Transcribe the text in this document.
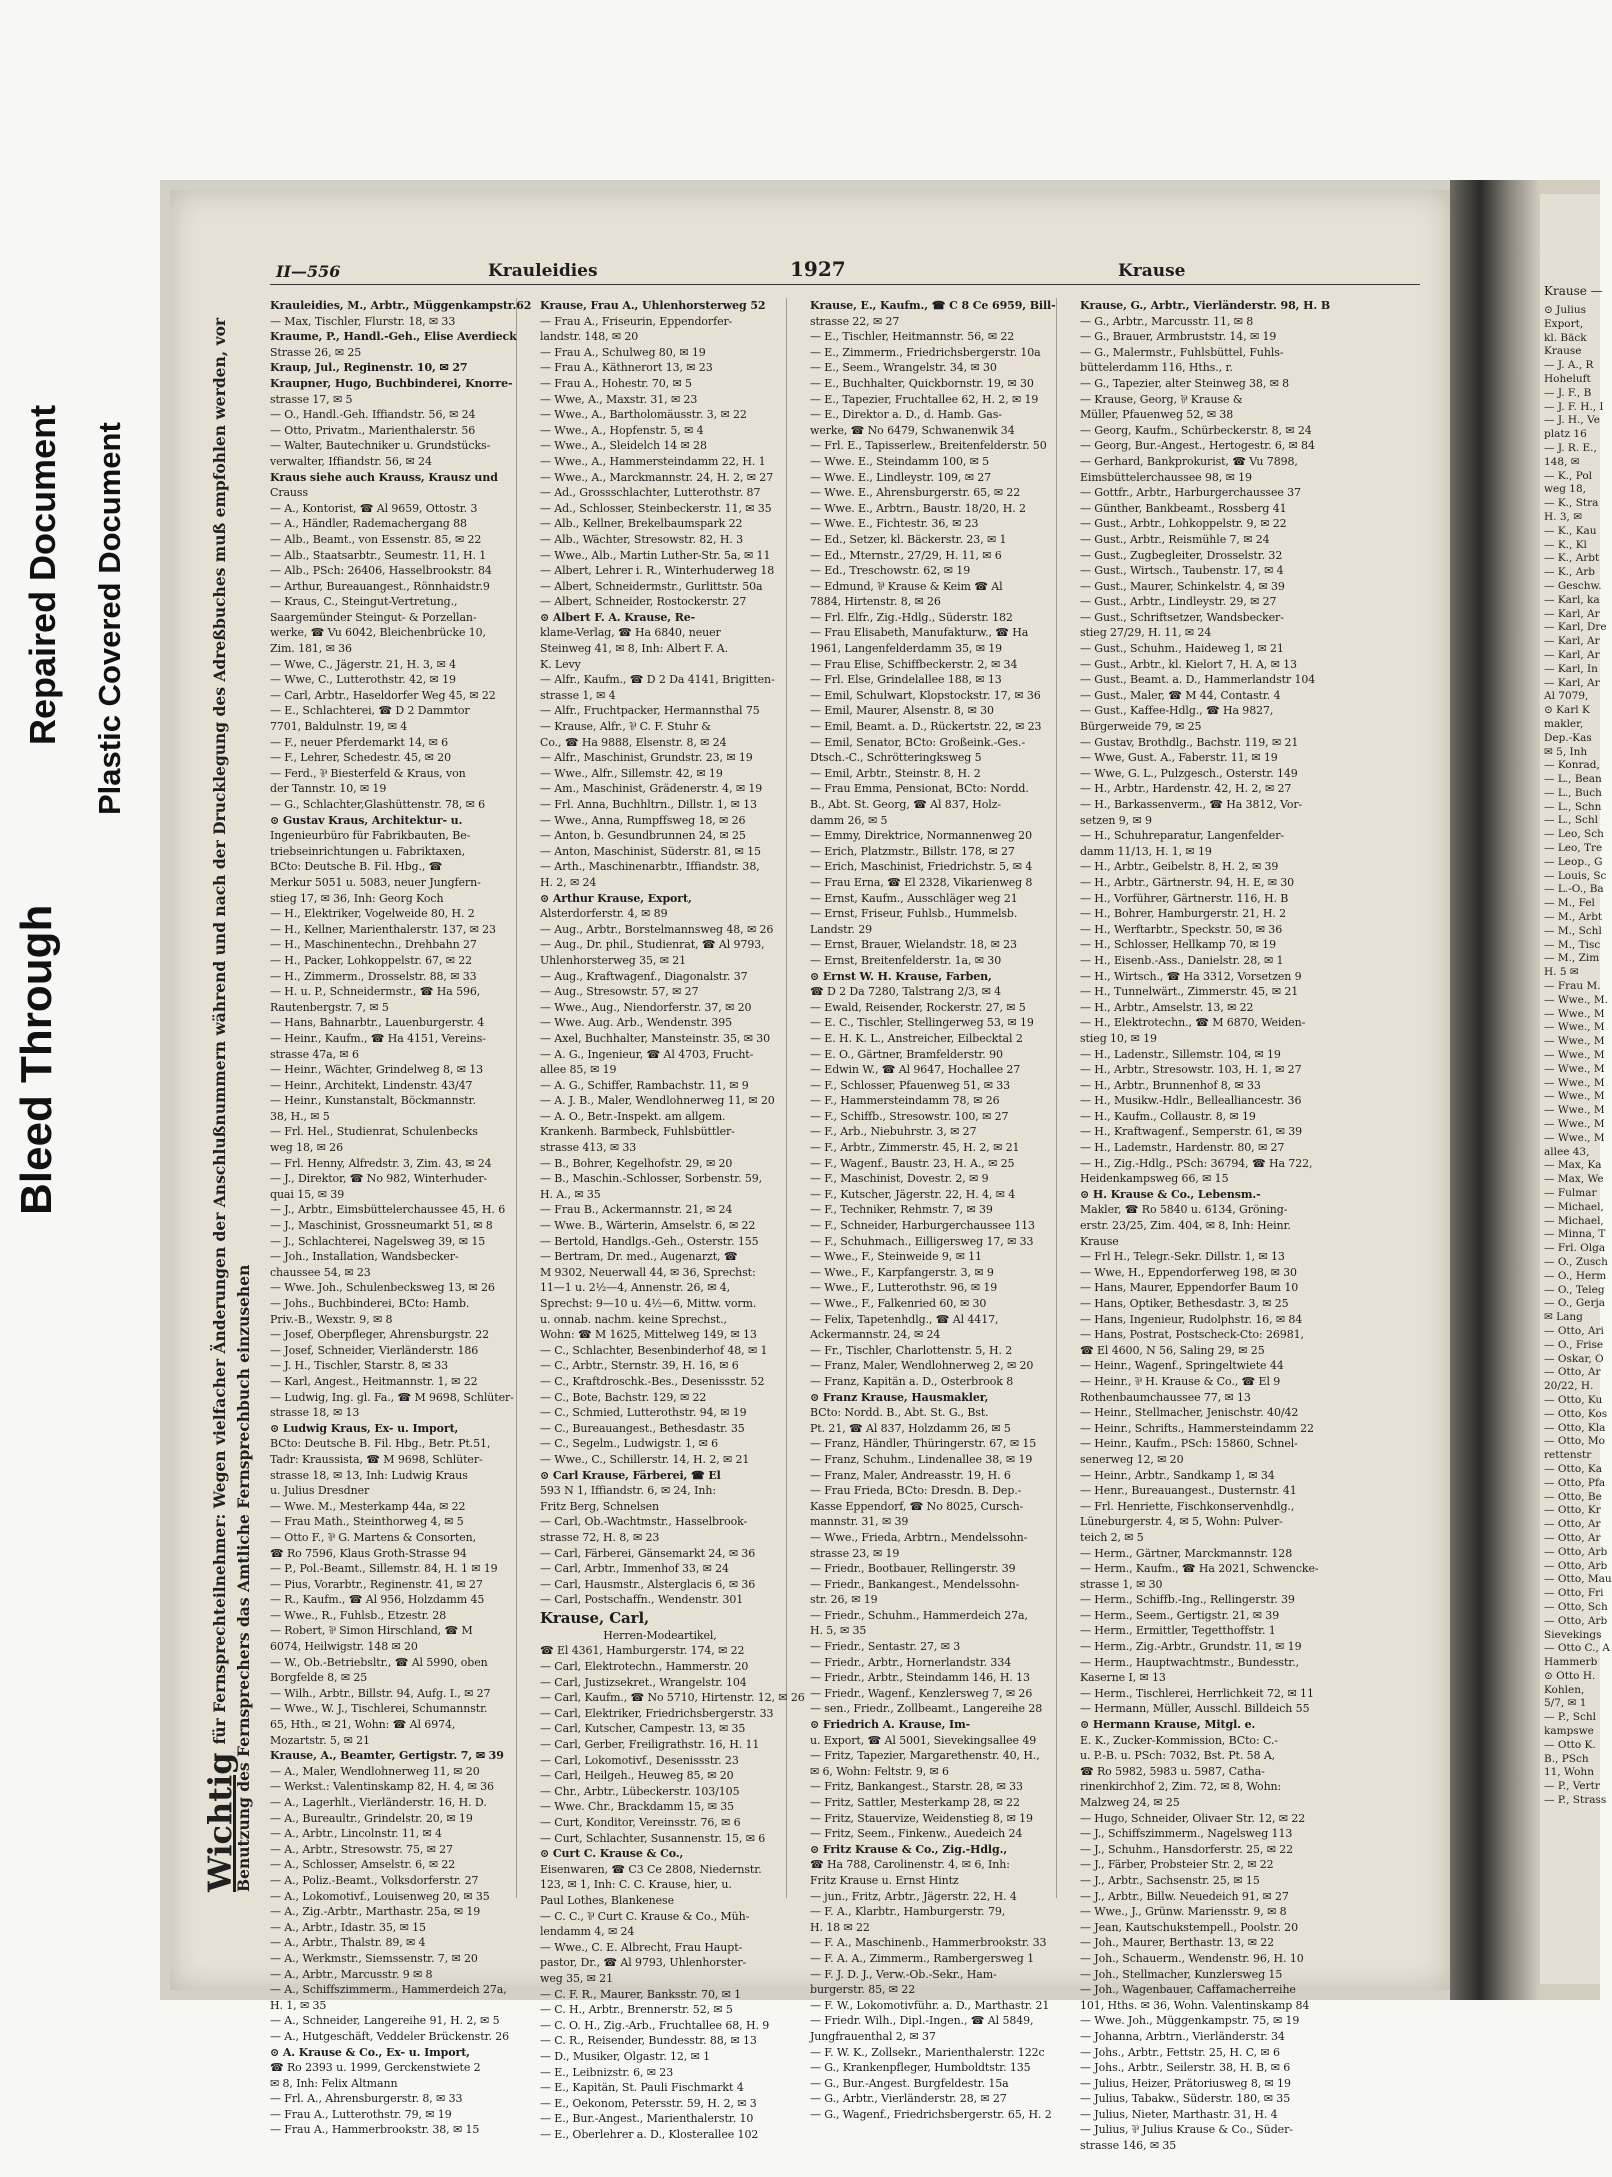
Bleed Through
Repaired Document Plastic Covered Document
II—556	Krauleidies	1927	Krause
Wichtigfür Fernsprechteilnehmer: Wegen vielfacher Änderungen der Anschlußnummern während und nach der Drucklegung des Adreßbuches muß empfohlen werden, vor Benutzung des Fernsprechers das Amtliche Fernsprechbuch einzusehen
Krauleidies, M., Arbtr., Müggenkampstr.62
— Max, Tischler, Flurstr. 18, ✉ 33
Kraume, P., Handl.-Geh., Elise Averdieck
Strasse 26, ✉ 25
Kraup, Jul., Reginenstr. 10, ✉ 27
Kraupner, Hugo, Buchbinderei, Knorre-
strasse 17, ✉ 5
— O., Handl.-Geh. Iffiandstr. 56, ✉ 24
— Otto, Privatm., Marienthalerstr. 56
— Walter, Bautechniker u. Grundstücks-
verwalter, Iffiandstr. 56, ✉ 24
Kraus siehe auch Krauss, Krausz und
Crauss
— A., Kontorist, ☎ Al 9659, Ottostr. 3
— A., Händler, Rademachergang 88
— Alb., Beamt., von Essenstr. 85, ✉ 22
— Alb., Staatsarbtr., Seumestr. 11, H. 1
— Alb., PSch: 26406, Hasselbrookstr. 84
— Arthur, Bureauangest., Rönnhaidstr.9
— Kraus, C., Steingut-Vertretung.,
Saargemünder Steingut- & Porzellan-
werke, ☎ Vu 6042, Bleichenbrücke 10,
Zim. 181, ✉ 36
— Wwe, C., Jägerstr. 21, H. 3, ✉ 4
— Wwe, C., Lutterothstr. 42, ✉ 19
— Carl, Arbtr., Haseldorfer Weg 45, ✉ 22
— E., Schlachterei, ☎ D 2 Dammtor
7701, Baldulnstr. 19, ✉ 4
— F., neuer Pferdemarkt 14, ✉ 6
— F., Lehrer, Schedestr. 45, ✉ 20
— Ferd., ⅌ Biesterfeld & Kraus, von
der Tannstr. 10, ✉ 19
— G., Schlachter,Glashüttenstr. 78, ✉ 6
⊙ Gustav Kraus, Architektur- u.
Ingenieurbüro für Fabrikbauten, Be-
triebseinrichtungen u. Fabriktaxen,
BCto: Deutsche B. Fil. Hbg., ☎
Merkur 5051 u. 5083, neuer Jungfern-
stieg 17, ✉ 36, Inh: Georg Koch
— H., Elektriker, Vogelweide 80, H. 2
— H., Kellner, Marienthalerstr. 137, ✉ 23
— H., Maschinentechn., Drehbahn 27
— H., Packer, Lohkoppelstr. 67, ✉ 22
— H., Zimmerm., Drosselstr. 88, ✉ 33
— H. u. P., Schneidermstr., ☎ Ha 596,
Rautenbergstr. 7, ✉ 5
— Hans, Bahnarbtr., Lauenburgerstr. 4
— Heinr., Kaufm., ☎ Ha 4151, Vereins-
strasse 47a, ✉ 6
— Heinr., Wächter, Grindelweg 8, ✉ 13
— Heinr., Architekt, Lindenstr. 43/47
— Heinr., Kunstanstalt, Böckmannstr.
38, H., ✉ 5
— Frl. Hel., Studienrat, Schulenbecks
weg 18, ✉ 26
— Frl. Henny, Alfredstr. 3, Zim. 43, ✉ 24
— J., Direktor, ☎ No 982, Winterhuder-
quai 15, ✉ 39
— J., Arbtr., Eimsbüttelerchaussee 45, H. 6
— J., Maschinist, Grossneumarkt 51, ✉ 8
— J., Schlachterei, Nagelsweg 39, ✉ 15
— Joh., Installation, Wandsbecker-
chaussee 54, ✉ 23
— Wwe. Joh., Schulenbecksweg 13, ✉ 26
— Johs., Buchbinderei, BCto: Hamb.
Priv.-B., Wexstr. 9, ✉ 8
— Josef, Oberpfleger, Ahrensburgstr. 22
— Josef, Schneider, Vierländerstr. 186
— J. H., Tischler, Starstr. 8, ✉ 33
— Karl, Angest., Heitmannstr. 1, ✉ 22
— Ludwig, Ing. gl. Fa., ☎ M 9698, Schlüter-
strasse 18, ✉ 13
⊙ Ludwig Kraus, Ex- u. Import,
BCto: Deutsche B. Fil. Hbg., Betr. Pt.51,
Tadr: Kraussista, ☎ M 9698, Schlüter-
strasse 18, ✉ 13, Inh: Ludwig Kraus
u. Julius Dresdner
— Wwe. M., Mesterkamp 44a, ✉ 22
— Frau Math., Steinthorweg 4, ✉ 5
— Otto F., ⅌ G. Martens & Consorten,
☎ Ro 7596, Klaus Groth-Strasse 94
— P., Pol.-Beamt., Sillemstr. 84, H. 1 ✉ 19
— Pius, Vorarbtr., Reginenstr. 41, ✉ 27
— R., Kaufm., ☎ Al 956, Holzdamm 45
— Wwe., R., Fuhlsb., Etzestr. 28
— Robert, ⅌ Simon Hirschland, ☎ M
6074, Heilwigstr. 148 ✉ 20
— W., Ob.-Betriebsltr., ☎ Al 5990, oben
Borgfelde 8, ✉ 25
— Wilh., Arbtr., Billstr. 94, Aufg. I., ✉ 27
— Wwe., W. J., Tischlerei, Schumannstr.
65, Hth., ✉ 21, Wohn: ☎ Al 6974,
Mozartstr. 5, ✉ 21
Krause, A., Beamter, Gertigstr. 7, ✉ 39
— A., Maler, Wendlohnerweg 11, ✉ 20
— Werkst.: Valentinskamp 82, H. 4, ✉ 36
— A., Lagerhlt., Vierländerstr. 16, H. D.
— A., Bureaultr., Grindelstr. 20, ✉ 19
— A., Arbtr., Lincolnstr. 11, ✉ 4
— A., Arbtr., Stresowstr. 75, ✉ 27
— A., Schlosser, Amselstr. 6, ✉ 22
— A., Poliz.-Beamt., Volksdorferstr. 27
— A., Lokomotivf., Louisenweg 20, ✉ 35
— A., Zig.-Arbtr., Marthastr. 25a, ✉ 19
— A., Arbtr., Idastr. 35, ✉ 15
— A., Arbtr., Thalstr. 89, ✉ 4
— A., Werkmstr., Siemssenstr. 7, ✉ 20
— A., Arbtr., Marcusstr. 9 ✉ 8
— A., Schiffszimmerm., Hammerdeich 27a,
H. 1, ✉ 35
— A., Schneider, Langereihe 91, H. 2, ✉ 5
— A., Hutgeschäft, Veddeler Brückenstr. 26
⊙ A. Krause & Co., Ex- u. Import,
☎ Ro 2393 u. 1999, Gerckenstwiete 2
✉ 8, Inh: Felix Altmann
— Frl. A., Ahrensburgerstr. 8, ✉ 33
— Frau A., Lutterothstr. 79, ✉ 19
— Frau A., Hammerbrookstr. 38, ✉ 15
Krause, Frau A., Uhlenhorsterweg 52
— Frau A., Friseurin, Eppendorfer-
landstr. 148, ✉ 20
— Frau A., Schulweg 80, ✉ 19
— Frau A., Käthnerort 13, ✉ 23
— Frau A., Hohestr. 70, ✉ 5
— Wwe, A., Maxstr. 31, ✉ 23
— Wwe., A., Bartholomäusstr. 3, ✉ 22
— Wwe., A., Hopfenstr. 5, ✉ 4
— Wwe., A., Sleidelch 14 ✉ 28
— Wwe., A., Hammersteindamm 22, H. 1
— Wwe., A., Marckmannstr. 24, H. 2, ✉ 27
— Ad., Grossschlachter, Lutterothstr. 87
— Ad., Schlosser, Steinbeckerstr. 11, ✉ 35
— Alb., Kellner, Brekelbaumspark 22
— Alb., Wächter, Stresowstr. 82, H. 3
— Wwe., Alb., Martin Luther-Str. 5a, ✉ 11
— Albert, Lehrer i. R., Winterhuderweg 18
— Albert, Schneidermstr., Gurlittstr. 50a
— Albert, Schneider, Rostockerstr. 27
⊙ Albert F. A. Krause, Re-
klame-Verlag, ☎ Ha 6840, neuer
Steinweg 41, ✉ 8, Inh: Albert F. A.
K. Levy
— Alfr., Kaufm., ☎ D 2 Da 4141, Brigitten-
strasse 1, ✉ 4
— Alfr., Fruchtpacker, Hermannsthal 75
— Krause, Alfr., ⅌ C. F. Stuhr &
Co., ☎ Ha 9888, Elsenstr. 8, ✉ 24
— Alfr., Maschinist, Grundstr. 23, ✉ 19
— Wwe., Alfr., Sillemstr. 42, ✉ 19
— Am., Maschinist, Grädenerstr. 4, ✉ 19
— Frl. Anna, Buchhltrn., Dillstr. 1, ✉ 13
— Wwe., Anna, Rumpffsweg 18, ✉ 26
— Anton, b. Gesundbrunnen 24, ✉ 25
— Anton, Maschinist, Süderstr. 81, ✉ 15
— Arth., Maschinenarbtr., Iffiandstr. 38,
H. 2, ✉ 24
⊙ Arthur Krause, Export,
Alsterdorferstr. 4, ✉ 89
— Aug., Arbtr., Borstelmannsweg 48, ✉ 26
— Aug., Dr. phil., Studienrat, ☎ Al 9793,
Uhlenhorsterweg 35, ✉ 21
— Aug., Kraftwagenf., Diagonalstr. 37
— Aug., Stresowstr. 57, ✉ 27
— Wwe., Aug., Niendorferstr. 37, ✉ 20
— Wwe. Aug. Arb., Wendenstr. 395
— Axel, Buchhalter, Mansteinstr. 35, ✉ 30
— A. G., Ingenieur, ☎ Al 4703, Frucht-
allee 85, ✉ 19
— A. G., Schiffer, Rambachstr. 11, ✉ 9
— A. J. B., Maler, Wendlohnerweg 11, ✉ 20
— A. O., Betr.-Inspekt. am allgem.
Krankenh. Barmbeck, Fuhlsbüttler-
strasse 413, ✉ 33
— B., Bohrer, Kegelhofstr. 29, ✉ 20
— B., Maschin.-Schlosser, Sorbenstr. 59,
H. A., ✉ 35
— Frau B., Ackermannstr. 21, ✉ 24
— Wwe. B., Wärterin, Amselstr. 6, ✉ 22
— Bertold, Handlgs.-Geh., Osterstr. 155
— Bertram, Dr. med., Augenarzt, ☎
M 9302, Neuerwall 44, ✉ 36, Sprechst:
11—1 u. 2½—4, Annenstr. 26, ✉ 4,
Sprechst: 9—10 u. 4½—6, Mittw. vorm.
u. onnab. nachm. keine Sprechst.,
Wohn: ☎ M 1625, Mittelweg 149, ✉ 13
— C., Schlachter, Besenbinderhof 48, ✉ 1
— C., Arbtr., Sternstr. 39, H. 16, ✉ 6
— C., Kraftdroschk.-Bes., Desenissstr. 52
— C., Bote, Bachstr. 129, ✉ 22
— C., Schmied, Lutterothstr. 94, ✉ 19
— C., Bureauangest., Bethesdastr. 35
— C., Segelm., Ludwigstr. 1, ✉ 6
— Wwe., C., Schillerstr. 14, H. 2, ✉ 21
⊙ Carl Krause, Färberei, ☎ El
593 N 1, Iffiandstr. 6, ✉ 24, Inh:
Fritz Berg, Schnelsen
— Carl, Ob.-Wachtmstr., Hasselbrook-
strasse 72, H. 8, ✉ 23
— Carl, Färberei, Gänsemarkt 24, ✉ 36
— Carl, Arbtr., Immenhof 33, ✉ 24
— Carl, Hausmstr., Alsterglacis 6, ✉ 36
— Carl, Postschaffn., Wendenstr. 301
Krause, Carl,
Herren-Modeartikel,
☎ El 4361, Hamburgerstr. 174, ✉ 22
— Carl, Elektrotechn., Hammerstr. 20
— Carl, Justizsekret., Wrangelstr. 104
— Carl, Kaufm., ☎ No 5710, Hirtenstr. 12, ✉ 26
— Carl, Elektriker, Friedrichsbergerstr. 33
— Carl, Kutscher, Campestr. 13, ✉ 35
— Carl, Gerber, Freiligrathstr. 16, H. 11
— Carl, Lokomotivf., Desenissstr. 23
— Carl, Heilgeh., Heuweg 85, ✉ 20
— Chr., Arbtr., Lübeckerstr. 103/105
— Wwe. Chr., Brackdamm 15, ✉ 35
— Curt, Konditor, Vereinsstr. 76, ✉ 6
— Curt, Schlachter, Susannenstr. 15, ✉ 6
⊙ Curt C. Krause & Co.,
Eisenwaren, ☎ C3 Ce 2808, Niedernstr.
123, ✉ 1, Inh: C. C. Krause, hier, u.
Paul Lothes, Blankenese
— C. C., ⅌ Curt C. Krause & Co., Müh-
lendamm 4, ✉ 24
— Wwe., C. E. Albrecht, Frau Haupt-
pastor, Dr., ☎ Al 9793, Uhlenhorster-
weg 35, ✉ 21
— C. F. R., Maurer, Banksstr. 70, ✉ 1
— C. H., Arbtr., Brennerstr. 52, ✉ 5
— C. O. H., Zig.-Arb., Fruchtallee 68, H. 9
— C. R., Reisender, Bundesstr. 88, ✉ 13
— D., Musiker, Olgastr. 12, ✉ 1
— E., Leibnizstr. 6, ✉ 23
— E., Kapitän, St. Pauli Fischmarkt 4
— E., Oekonom, Petersstr. 59, H. 2, ✉ 3
— E., Bur.-Angest., Marienthalerstr. 10
— E., Oberlehrer a. D., Klosterallee 102
Krause, E., Kaufm., ☎ C 8 Ce 6959, Bill-
strasse 22, ✉ 27
— E., Tischler, Heitmannstr. 56, ✉ 22
— E., Zimmerm., Friedrichsbergerstr. 10a
— E., Seem., Wrangelstr. 34, ✉ 30
— E., Buchhalter, Quickbornstr. 19, ✉ 30
— E., Tapezier, Fruchtallee 62, H. 2, ✉ 19
— E., Direktor a. D., d. Hamb. Gas-
werke, ☎ No 6479, Schwanenwik 34
— Frl. E., Tapisserlew., Breitenfelderstr. 50
— Wwe. E., Steindamm 100, ✉ 5
— Wwe. E., Lindleystr. 109, ✉ 27
— Wwe. E., Ahrensburgerstr. 65, ✉ 22
— Wwe. E., Arbtrn., Baustr. 18/20, H. 2
— Wwe. E., Fichtestr. 36, ✉ 23
— Ed., Setzer, kl. Bäckerstr. 23, ✉ 1
— Ed., Mternstr., 27/29, H. 11, ✉ 6
— Ed., Treschowstr. 62, ✉ 19
— Edmund, ⅌ Krause & Keim ☎ Al
7884, Hirtenstr. 8, ✉ 26
— Frl. Elfr., Zig.-Hdlg., Süderstr. 182
— Frau Elisabeth, Manufakturw., ☎ Ha
1961, Langenfelderdamm 35, ✉ 19
— Frau Elise, Schiffbeckerstr. 2, ✉ 34
— Frl. Else, Grindelallee 188, ✉ 13
— Emil, Schulwart, Klopstockstr. 17, ✉ 36
— Emil, Maurer, Alsenstr. 8, ✉ 30
— Emil, Beamt. a. D., Rückertstr. 22, ✉ 23
— Emil, Senator, BCto: Großeink.-Ges.-
Dtsch.-C., Schrötteringksweg 5
— Emil, Arbtr., Steinstr. 8, H. 2
— Frau Emma, Pensionat, BCto: Nordd.
B., Abt. St. Georg, ☎ Al 837, Holz-
damm 26, ✉ 5
— Emmy, Direktrice, Normannenweg 20
— Erich, Platzmstr., Billstr. 178, ✉ 27
— Erich, Maschinist, Friedrichstr. 5, ✉ 4
— Frau Erna, ☎ El 2328, Vikarienweg 8
— Ernst, Kaufm., Ausschläger weg 21
— Ernst, Friseur, Fuhlsb., Hummelsb.
Landstr. 29
— Ernst, Brauer, Wielandstr. 18, ✉ 23
— Ernst, Breitenfelderstr. 1a, ✉ 30
⊙ Ernst W. H. Krause, Farben,
☎ D 2 Da 7280, Talstrang 2/3, ✉ 4
— Ewald, Reisender, Rockerstr. 27, ✉ 5
— E. C., Tischler, Stellingerweg 53, ✉ 19
— E. H. K. L., Anstreicher, Eilbecktal 2
— E. O., Gärtner, Bramfelderstr. 90
— Edwin W., ☎ Al 9647, Hochallee 27
— F., Schlosser, Pfauenweg 51, ✉ 33
— F., Hammersteindamm 78, ✉ 26
— F., Schiffb., Stresowstr. 100, ✉ 27
— F., Arb., Niebuhrstr. 3, ✉ 27
— F., Arbtr., Zimmerstr. 45, H. 2, ✉ 21
— F., Wagenf., Baustr. 23, H. A., ✉ 25
— F., Maschinist, Dovestr. 2, ✉ 9
— F., Kutscher, Jägerstr. 22, H. 4, ✉ 4
— F., Techniker, Rehmstr. 7, ✉ 39
— F., Schneider, Harburgerchaussee 113
— F., Schuhmach., Eilligersweg 17, ✉ 33
— Wwe., F., Steinweide 9, ✉ 11
— Wwe., F., Karpfangerstr. 3, ✉ 9
— Wwe., F., Lutterothstr. 96, ✉ 19
— Wwe., F., Falkenried 60, ✉ 30
— Felix, Tapetenhdlg., ☎ Al 4417,
Ackermannstr. 24, ✉ 24
— Fr., Tischler, Charlottenstr. 5, H. 2
— Franz, Maler, Wendlohnerweg 2, ✉ 20
— Franz, Kapitän a. D., Osterbrook 8
⊙ Franz Krause, Hausmakler,
BCto: Nordd. B., Abt. St. G., Bst.
Pt. 21, ☎ Al 837, Holzdamm 26, ✉ 5
— Franz, Händler, Thüringerstr. 67, ✉ 15
— Franz, Schuhm., Lindenallee 38, ✉ 19
— Franz, Maler, Andreasstr. 19, H. 6
— Frau Frieda, BCto: Dresdn. B. Dep.-
Kasse Eppendorf, ☎ No 8025, Cursch-
mannstr. 31, ✉ 39
— Wwe., Frieda, Arbtrn., Mendelssohn-
strasse 23, ✉ 19
— Friedr., Bootbauer, Rellingerstr. 39
— Friedr., Bankangest., Mendelssohn-
str. 26, ✉ 19
— Friedr., Schuhm., Hammerdeich 27a,
H. 5, ✉ 35
— Friedr., Sentastr. 27, ✉ 3
— Friedr., Arbtr., Hornerlandstr. 334
— Friedr., Arbtr., Steindamm 146, H. 13
— Friedr., Wagenf., Kenzlersweg 7, ✉ 26
— sen., Friedr., Zollbeamt., Langereihe 28
⊙ Friedrich A. Krause, Im-
u. Export, ☎ Al 5001, Sievekingsallee 49
— Fritz, Tapezier, Margarethenstr. 40, H.,
✉ 6, Wohn: Feltstr. 9, ✉ 6
— Fritz, Bankangest., Starstr. 28, ✉ 33
— Fritz, Sattler, Mesterkamp 28, ✉ 22
— Fritz, Stauervize, Weidenstieg 8, ✉ 19
— Fritz, Seem., Finkenw., Auedeich 24
⊙ Fritz Krause & Co., Zig.-Hdlg.,
☎ Ha 788, Carolinenstr. 4, ✉ 6, Inh:
Fritz Krause u. Ernst Hintz
— jun., Fritz, Arbtr., Jägerstr. 22, H. 4
— F. A., Klarbtr., Hamburgerstr. 79,
H. 18 ✉ 22
— F. A., Maschinenb., Hammerbrookstr. 33
— F. A. A., Zimmerm., Rambergersweg 1
— F. J. D. J., Verw.-Ob.-Sekr., Ham-
burgerstr. 85, ✉ 22
— F. W., Lokomotivführ. a. D., Marthastr. 21
— Friedr. Wilh., Dipl.-Ingen., ☎ Al 5849,
Jungfrauenthal 2, ✉ 37
— F. W. K., Zollsekr., Marienthalerstr. 122c
— G., Krankenpfleger, Humboldtstr. 135
— G., Bur.-Angest. Burgfeldestr. 15a
— G., Arbtr., Vierländerstr. 28, ✉ 27
— G., Wagenf., Friedrichsbergerstr. 65, H. 2
Krause, G., Arbtr., Vierländerstr. 98, H. B
— G., Arbtr., Marcusstr. 11, ✉ 8
— G., Brauer, Armbruststr. 14, ✉ 19
— G., Malermstr., Fuhlsbüttel, Fuhls-
büttelerdamm 116, Hths., r.
— G., Tapezier, alter Steinweg 38, ✉ 8
— Krause, Georg, ⅌ Krause &
Müller, Pfauenweg 52, ✉ 38
— Georg, Kaufm., Schürbeckerstr. 8, ✉ 24
— Georg, Bur.-Angest., Hertogestr. 6, ✉ 84
— Gerhard, Bankprokurist, ☎ Vu 7898,
Eimsbüttelerchaussee 98, ✉ 19
— Gottfr., Arbtr., Harburgerchaussee 37
— Günther, Bankbeamt., Rossberg 41
— Gust., Arbtr., Lohkoppelstr. 9, ✉ 22
— Gust., Arbtr., Reismühle 7, ✉ 24
— Gust., Zugbegleiter, Drosselstr. 32
— Gust., Wirtsch., Taubenstr. 17, ✉ 4
— Gust., Maurer, Schinkelstr. 4, ✉ 39
— Gust., Arbtr., Lindleystr. 29, ✉ 27
— Gust., Schriftsetzer, Wandsbecker-
stieg 27/29, H. 11, ✉ 24
— Gust., Schuhm., Haideweg 1, ✉ 21
— Gust., Arbtr., kl. Kielort 7, H. A, ✉ 13
— Gust., Beamt. a. D., Hammerlandstr 104
— Gust., Maler, ☎ M 44, Contastr. 4
— Gust., Kaffee-Hdlg., ☎ Ha 9827,
Bürgerweide 79, ✉ 25
— Gustav, Brothdlg., Bachstr. 119, ✉ 21
— Wwe, Gust. A., Faberstr. 11, ✉ 19
— Wwe, G. L., Pulzgesch., Osterstr. 149
— H., Arbtr., Hardenstr. 42, H. 2, ✉ 27
— H., Barkassenverm., ☎ Ha 3812, Vor-
setzen 9, ✉ 9
— H., Schuhreparatur, Langenfelder-
damm 11/13, H. 1, ✉ 19
— H., Arbtr., Geibelstr. 8, H. 2, ✉ 39
— H., Arbtr., Gärtnerstr. 94, H. E, ✉ 30
— H., Vorführer, Gärtnerstr. 116, H. B
— H., Bohrer, Hamburgerstr. 21, H. 2
— H., Werftarbtr., Speckstr. 50, ✉ 36
— H., Schlosser, Hellkamp 70, ✉ 19
— H., Eisenb.-Ass., Danielstr. 28, ✉ 1
— H., Wirtsch., ☎ Ha 3312, Vorsetzen 9
— H., Tunnelwärt., Zimmerstr. 45, ✉ 21
— H., Arbtr., Amselstr. 13, ✉ 22
— H., Elektrotechn., ☎ M 6870, Weiden-
stieg 10, ✉ 19
— H., Ladenstr., Sillemstr. 104, ✉ 19
— H., Arbtr., Stresowstr. 103, H. 1, ✉ 27
— H., Arbtr., Brunnenhof 8, ✉ 33
— H., Musikw.-Hdlr., Bellealliancestr. 36
— H., Kaufm., Collaustr. 8, ✉ 19
— H., Kraftwagenf., Semperstr. 61, ✉ 39
— H., Lademstr., Hardenstr. 80, ✉ 27
— H., Zig.-Hdlg., PSch: 36794, ☎ Ha 722,
Heidenkampsweg 66, ✉ 15
⊙ H. Krause & Co., Lebensm.-
Makler, ☎ Ro 5840 u. 6134, Gröning-
erstr. 23/25, Zim. 404, ✉ 8, Inh: Heinr.
Krause
— Frl H., Telegr.-Sekr. Dillstr. 1, ✉ 13
— Wwe, H., Eppendorferweg 198, ✉ 30
— Hans, Maurer, Eppendorfer Baum 10
— Hans, Optiker, Bethesdastr. 3, ✉ 25
— Hans, Ingenieur, Rudolphstr. 16, ✉ 84
— Hans, Postrat, Postscheck-Cto: 26981,
☎ El 4600, N 56, Saling 29, ✉ 25
— Heinr., Wagenf., Springeltwiete 44
— Heinr., ⅌ H. Krause & Co., ☎ El 9
Rothenbaumchaussee 77, ✉ 13
— Heinr., Stellmacher, Jenischstr. 40/42
— Heinr., Schrifts., Hammersteindamm 22
— Heinr., Kaufm., PSch: 15860, Schnel-
senerweg 12, ✉ 20
— Heinr., Arbtr., Sandkamp 1, ✉ 34
— Henr., Bureauangest., Dusternstr. 41
— Frl. Henriette, Fischkonservenhdlg.,
Lüneburgerstr. 4, ✉ 5, Wohn: Pulver-
teich 2, ✉ 5
— Herm., Gärtner, Marckmannstr. 128
— Herm., Kaufm., ☎ Ha 2021, Schwencke-
strasse 1, ✉ 30
— Herm., Schiffb.-Ing., Rellingerstr. 39
— Herm., Seem., Gertigstr. 21, ✉ 39
— Herm., Ermittler, Tegetthoffstr. 1
— Herm., Zig.-Arbtr., Grundstr. 11, ✉ 19
— Herm., Hauptwachtmstr., Bundesstr.,
Kaserne I, ✉ 13
— Herm., Tischlerei, Herrlichkeit 72, ✉ 11
— Hermann, Müller, Ausschl. Billdeich 55
⊙ Hermann Krause, Mitgl. e.
E. K., Zucker-Kommission, BCto: C.-
u. P.-B. u. PSch: 7032, Bst. Pt. 58 A,
☎ Ro 5982, 5983 u. 5987, Catha-
rinenkirchhof 2, Zim. 72, ✉ 8, Wohn:
Malzweg 24, ✉ 25
— Hugo, Schneider, Olivaer Str. 12, ✉ 22
— J., Schiffszimmerm., Nagelsweg 113
— J., Schuhm., Hansdorferstr. 25, ✉ 22
— J., Färber, Probsteier Str. 2, ✉ 22
— J., Arbtr., Sachsenstr. 25, ✉ 15
— J., Arbtr., Billw. Neuedeich 91, ✉ 27
— Wwe., J., Grünw. Mariensstr. 9, ✉ 8
— Jean, Kautschukstempell., Poolstr. 20
— Joh., Maurer, Berthastr. 13, ✉ 22
— Joh., Schauerm., Wendenstr. 96, H. 10
— Joh., Stellmacher, Kunzlersweg 15
— Joh., Wagenbauer, Caffamacherreihe
101, Hths. ✉ 36, Wohn. Valentinskamp 84
— Wwe. Joh., Müggenkampstr. 75, ✉ 19
— Johanna, Arbtrn., Vierländerstr. 34
— Johs., Arbtr., Fettstr. 25, H. C, ✉ 6
— Johs., Arbtr., Seilerstr. 38, H. B, ✉ 6
— Julius, Heizer, Prätoriusweg 8, ✉ 19
— Julius, Tabakw., Süderstr. 180, ✉ 35
— Julius, Nieter, Marthastr. 31, H. 4
— Julius, ⅌ Julius Krause & Co., Süder-
strasse 146, ✉ 35
Krause —
⊙ Julius
Export,
kl. Bäck
Krause
— J. A., R
Hoheluft
— J. F., B
— J. F. H., I
— J. H., Ve
platz 16
— J. R. E.,
148, ✉
— K., Pol
weg 18,
— K., Stra
H. 3, ✉
— K., Kau
— K., Kl
— K., Arbt
— K., Arb
— Geschw.
— Karl, ka
— Karl, Ar
— Karl, Dre
— Karl, Ar
— Karl, Ar
— Karl, In
— Karl, Ar
Al 7079,
⊙ Karl K
makler,
Dep.-Kas
✉ 5, Inh
— Konrad,
— L., Bean
— L., Buch
— L., Schn
— L., Schl
— Leo, Sch
— Leo, Tre
— Leop., G
— Louis, Sc
— L.-O., Ba
— M., Fel
— M., Arbt
— M., Schl
— M., Tisc
— M., Zim
H. 5 ✉
— Frau M.
— Wwe., M.
— Wwe., M
— Wwe., M
— Wwe., M
— Wwe., M
— Wwe., M
— Wwe., M
— Wwe., M
— Wwe., M
— Wwe., M
— Wwe., M
allee 43,
— Max, Ka
— Max, We
— Fulmar
— Michael,
— Michael,
— Minna, T
— Frl. Olga
— O., Zusch
— O., Herm
— O., Teleg
— O., Gerja
✉ Lang
— Otto, Ari
— O., Frise
— Oskar, O
— Otto, Ar
20/22, H.
— Otto, Ku
— Otto, Kos
— Otto, Kla
— Otto, Mo
rettenstr
— Otto, Ka
— Otto, Pfa
— Otto, Be
— Otto, Kr
— Otto, Ar
— Otto, Ar
— Otto, Arb
— Otto, Arb
— Otto, Mau
— Otto, Fri
— Otto, Sch
— Otto, Arb
Sievekings
— Otto C., A
Hammerb
⊙ Otto H.
Kohlen,
5/7, ✉ 1
— P., Schl
kampswe
— Otto K.
B., PSch
11, Wohn
— P., Vertr
— P., Strass
